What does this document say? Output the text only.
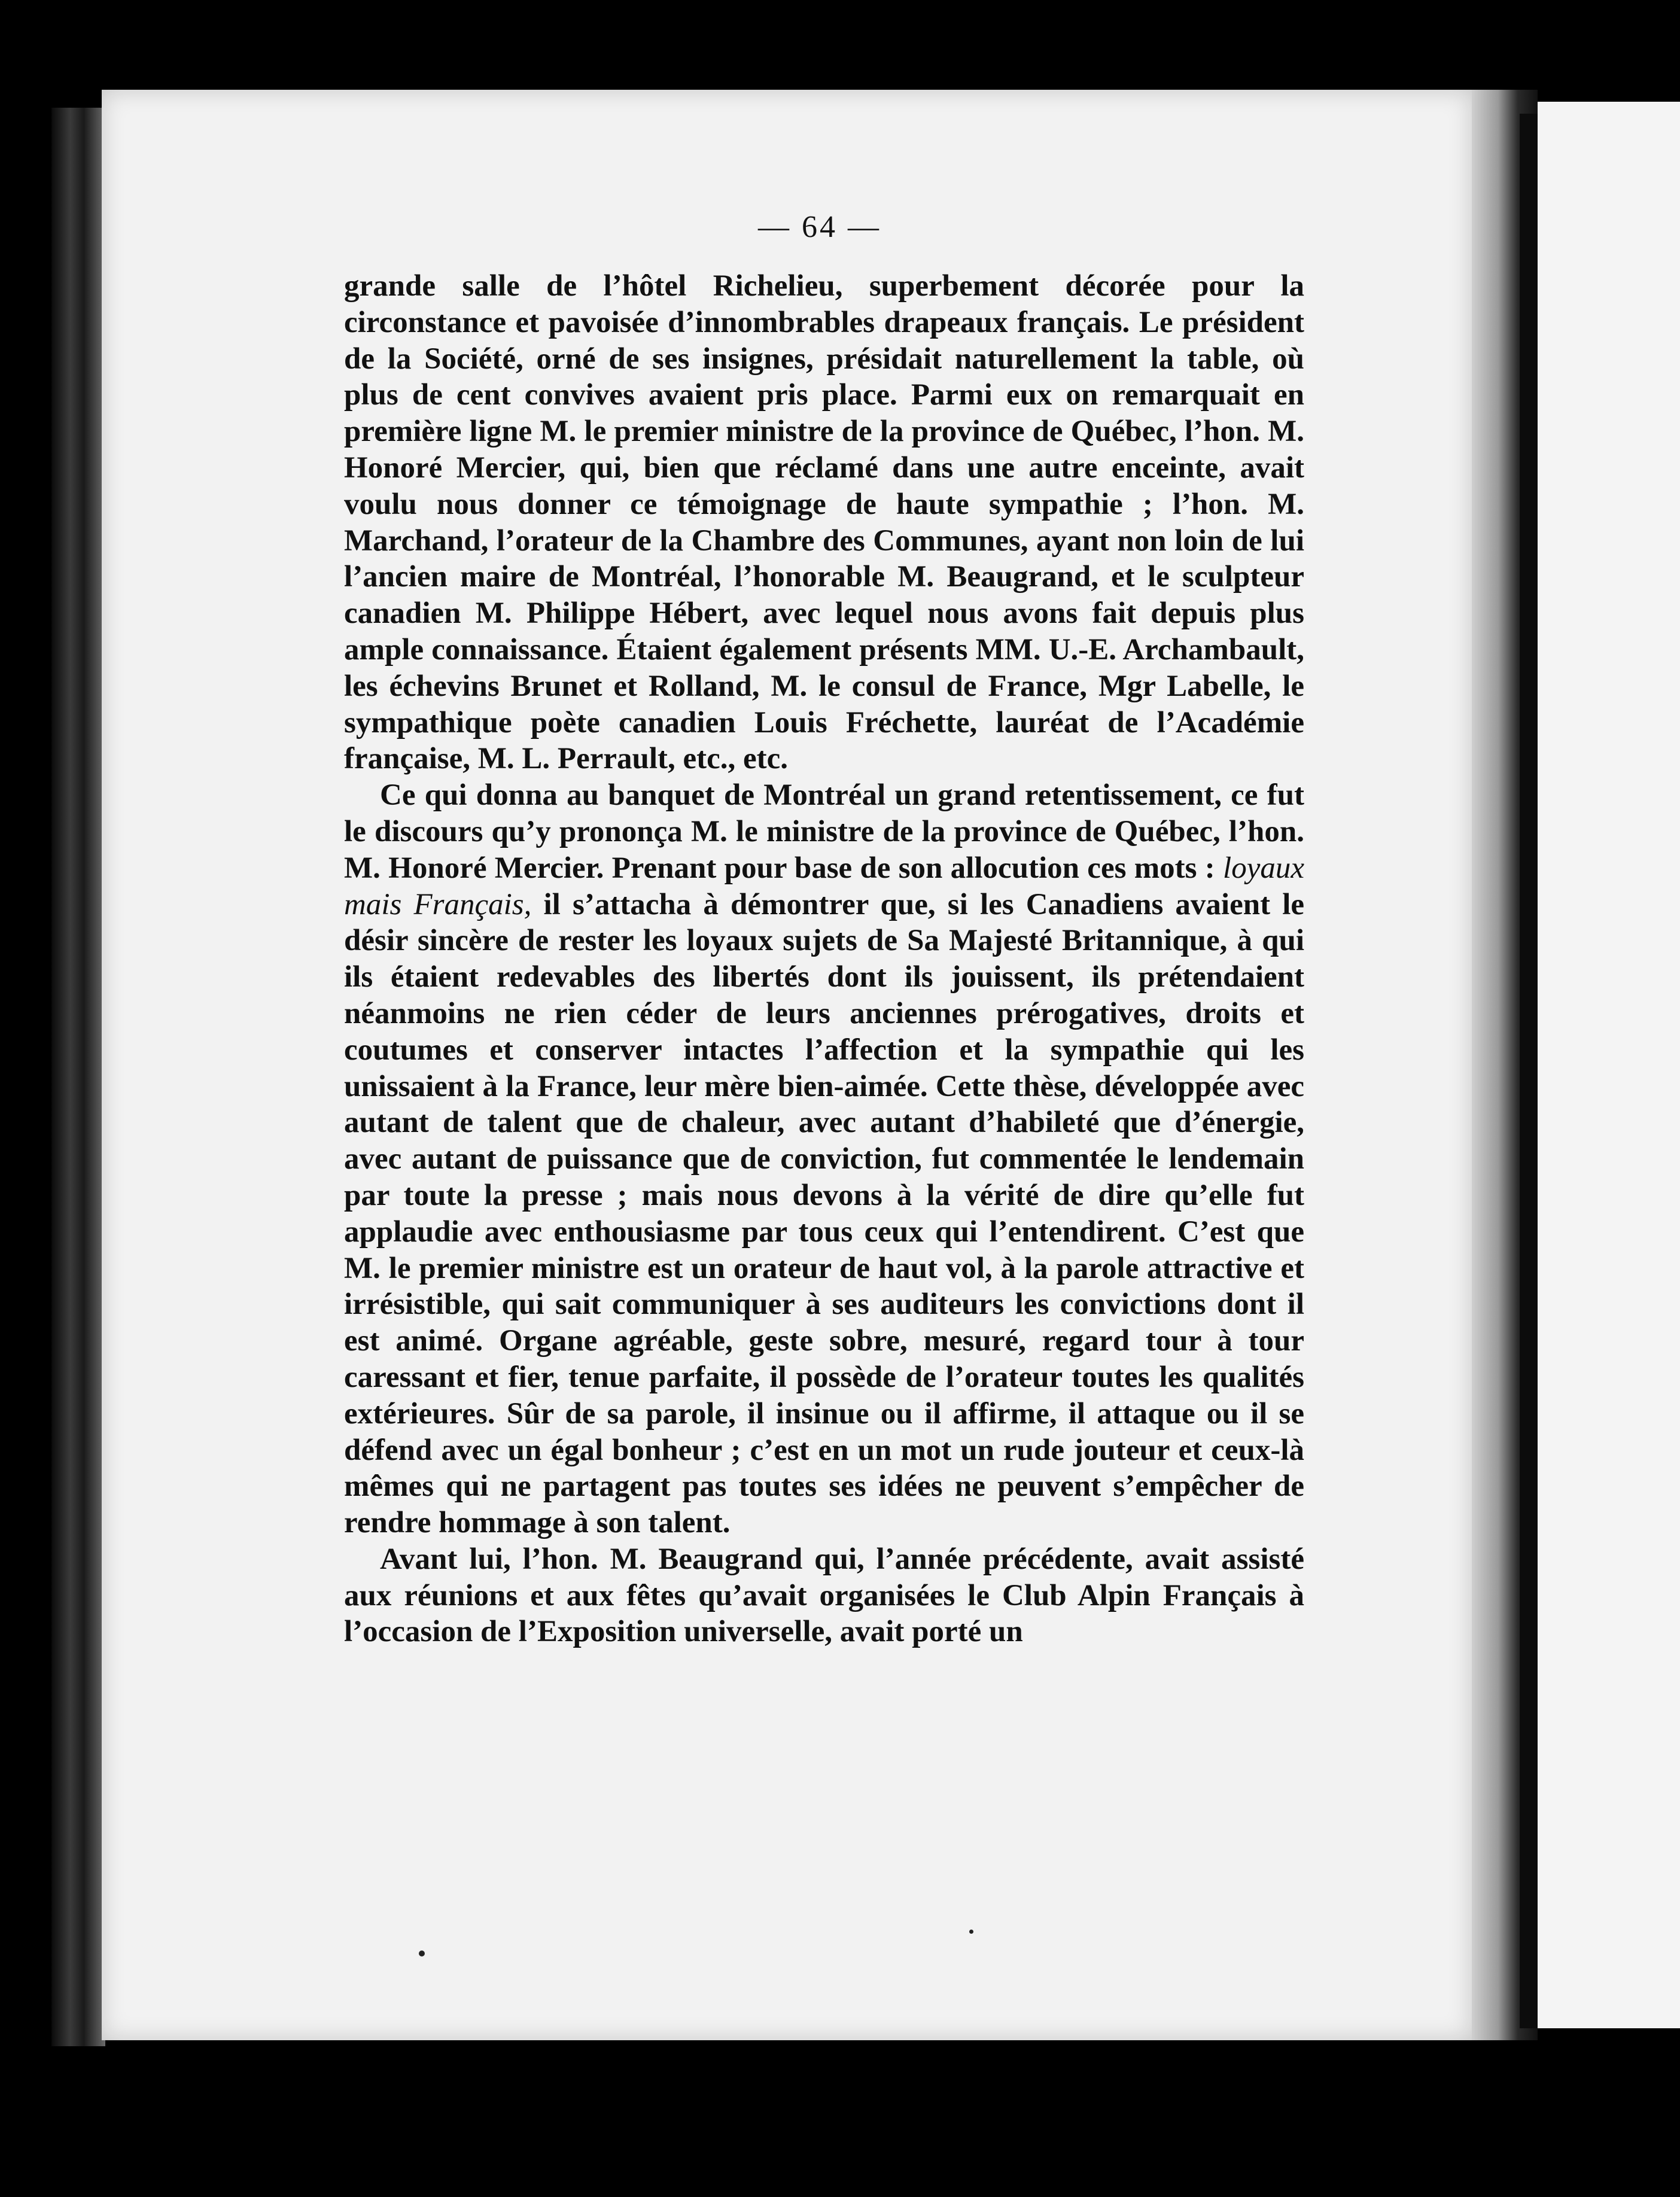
— 64 —

grande salle de l’hôtel Richelieu, superbement décorée pour la circonstance et pavoisée d’innombrables drapeaux français. Le président de la Société, orné de ses insignes, présidait naturellement la table, où plus de cent convives avaient pris place. Parmi eux on remarquait en première ligne M. le premier ministre de la province de Québec, l’hon. M. Honoré Mercier, qui, bien que réclamé dans une autre enceinte, avait voulu nous donner ce témoignage de haute sympathie ; l’hon. M. Marchand, l’orateur de la Chambre des Communes, ayant non loin de lui l’ancien maire de Montréal, l’honorable M. Beaugrand, et le sculpteur canadien M. Philippe Hébert, avec lequel nous avons fait depuis plus ample connaissance. Étaient également présents MM. U.-E. Archambault, les échevins Brunet et Rolland, M. le consul de France, Mgr Labelle, le sympathique poète canadien Louis Fréchette, lauréat de l’Académie française, M. L. Perrault, etc., etc.

Ce qui donna au banquet de Montréal un grand retentissement, ce fut le discours qu’y prononça M. le ministre de la province de Québec, l’hon. M. Honoré Mercier. Prenant pour base de son allocution ces mots : loyaux mais Français, il s’attacha à démontrer que, si les Canadiens avaient le désir sincère de rester les loyaux sujets de Sa Majesté Britannique, à qui ils étaient redevables des libertés dont ils jouissent, ils prétendaient néanmoins ne rien céder de leurs anciennes prérogatives, droits et coutumes et conserver intactes l’affection et la sympathie qui les unissaient à la France, leur mère bien-aimée. Cette thèse, développée avec autant de talent que de chaleur, avec autant d’habileté que d’énergie, avec autant de puissance que de conviction, fut commentée le lendemain par toute la presse ; mais nous devons à la vérité de dire qu’elle fut applaudie avec enthousiasme par tous ceux qui l’entendirent. C’est que M. le premier ministre est un orateur de haut vol, à la parole attractive et irrésistible, qui sait communiquer à ses auditeurs les convictions dont il est animé. Organe agréable, geste sobre, mesuré, regard tour à tour caressant et fier, tenue parfaite, il possède de l’orateur toutes les qualités extérieures. Sûr de sa parole, il insinue ou il affirme, il attaque ou il se défend avec un égal bonheur ; c’est en un mot un rude jouteur et ceux-là mêmes qui ne partagent pas toutes ses idées ne peuvent s’empêcher de rendre hommage à son talent.

Avant lui, l’hon. M. Beaugrand qui, l’année précédente, avait assisté aux réunions et aux fêtes qu’avait organisées le Club Alpin Français à l’occasion de l’Exposition universelle, avait porté un
